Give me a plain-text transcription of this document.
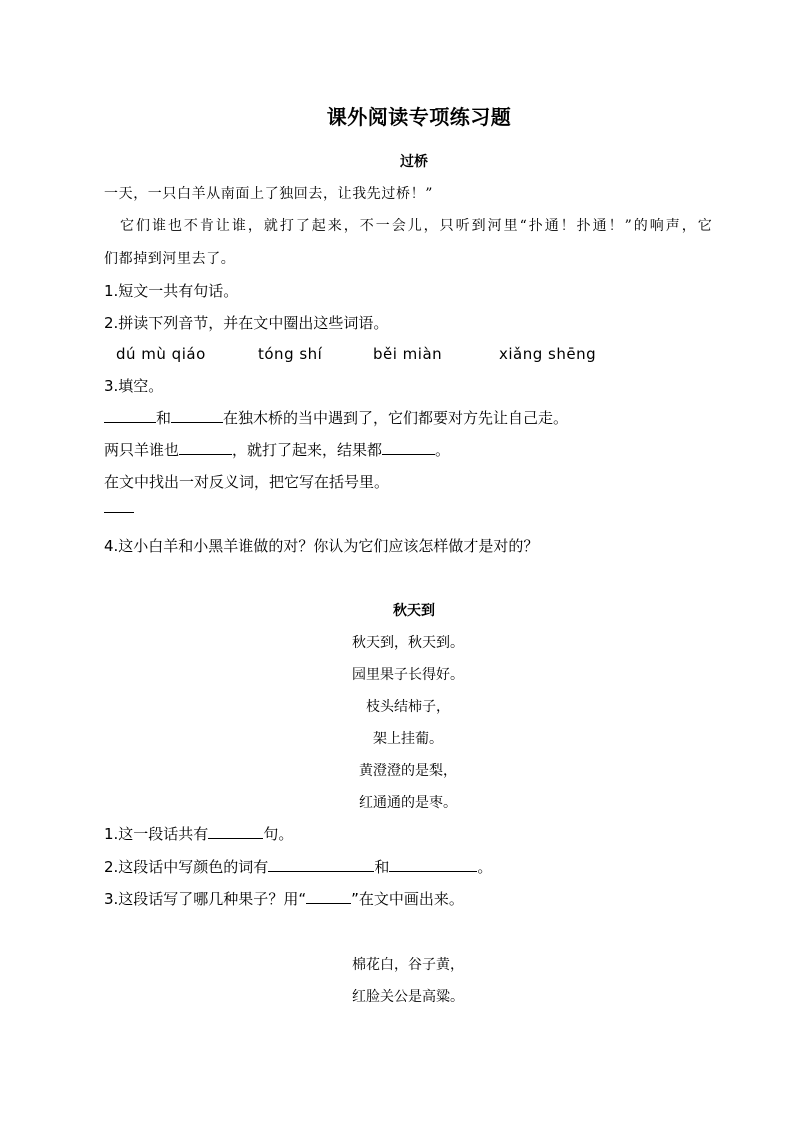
课外阅读专项练习题
过桥
一天，一只白羊从南面上了独回去，让我先过桥！”
它们谁也不肯让谁，就打了起来，不一会儿，只听到河里“扑通！扑通！”的响声，它
们都掉到河里去了。
1.短文一共有句话。
2.拼读下列音节，并在文中圈出这些词语。
dú mù qiáo	tóng shí	běi miàn	xiǎng shēng
3.填空。
和	在独木桥的当中遇到了，它们都要对方先让自己走。
两只羊谁也	，就打了起来，结果都	。
在文中找出一对反义词，把它写在括号里。
4.这小白羊和小黑羊谁做的对？你认为它们应该怎样做才是对的？
秋天到
秋天到，秋天到。
园里果子长得好。
枝头结柿子，
架上挂葡。
黄澄澄的是梨，
红通通的是枣。
1.这一段话共有	句。
2.这段话中写颜色的词有	和	。
3.这段话写了哪几种果子？用“	”在文中画出来。
棉花白，谷子黄，
红脸关公是高粱。
